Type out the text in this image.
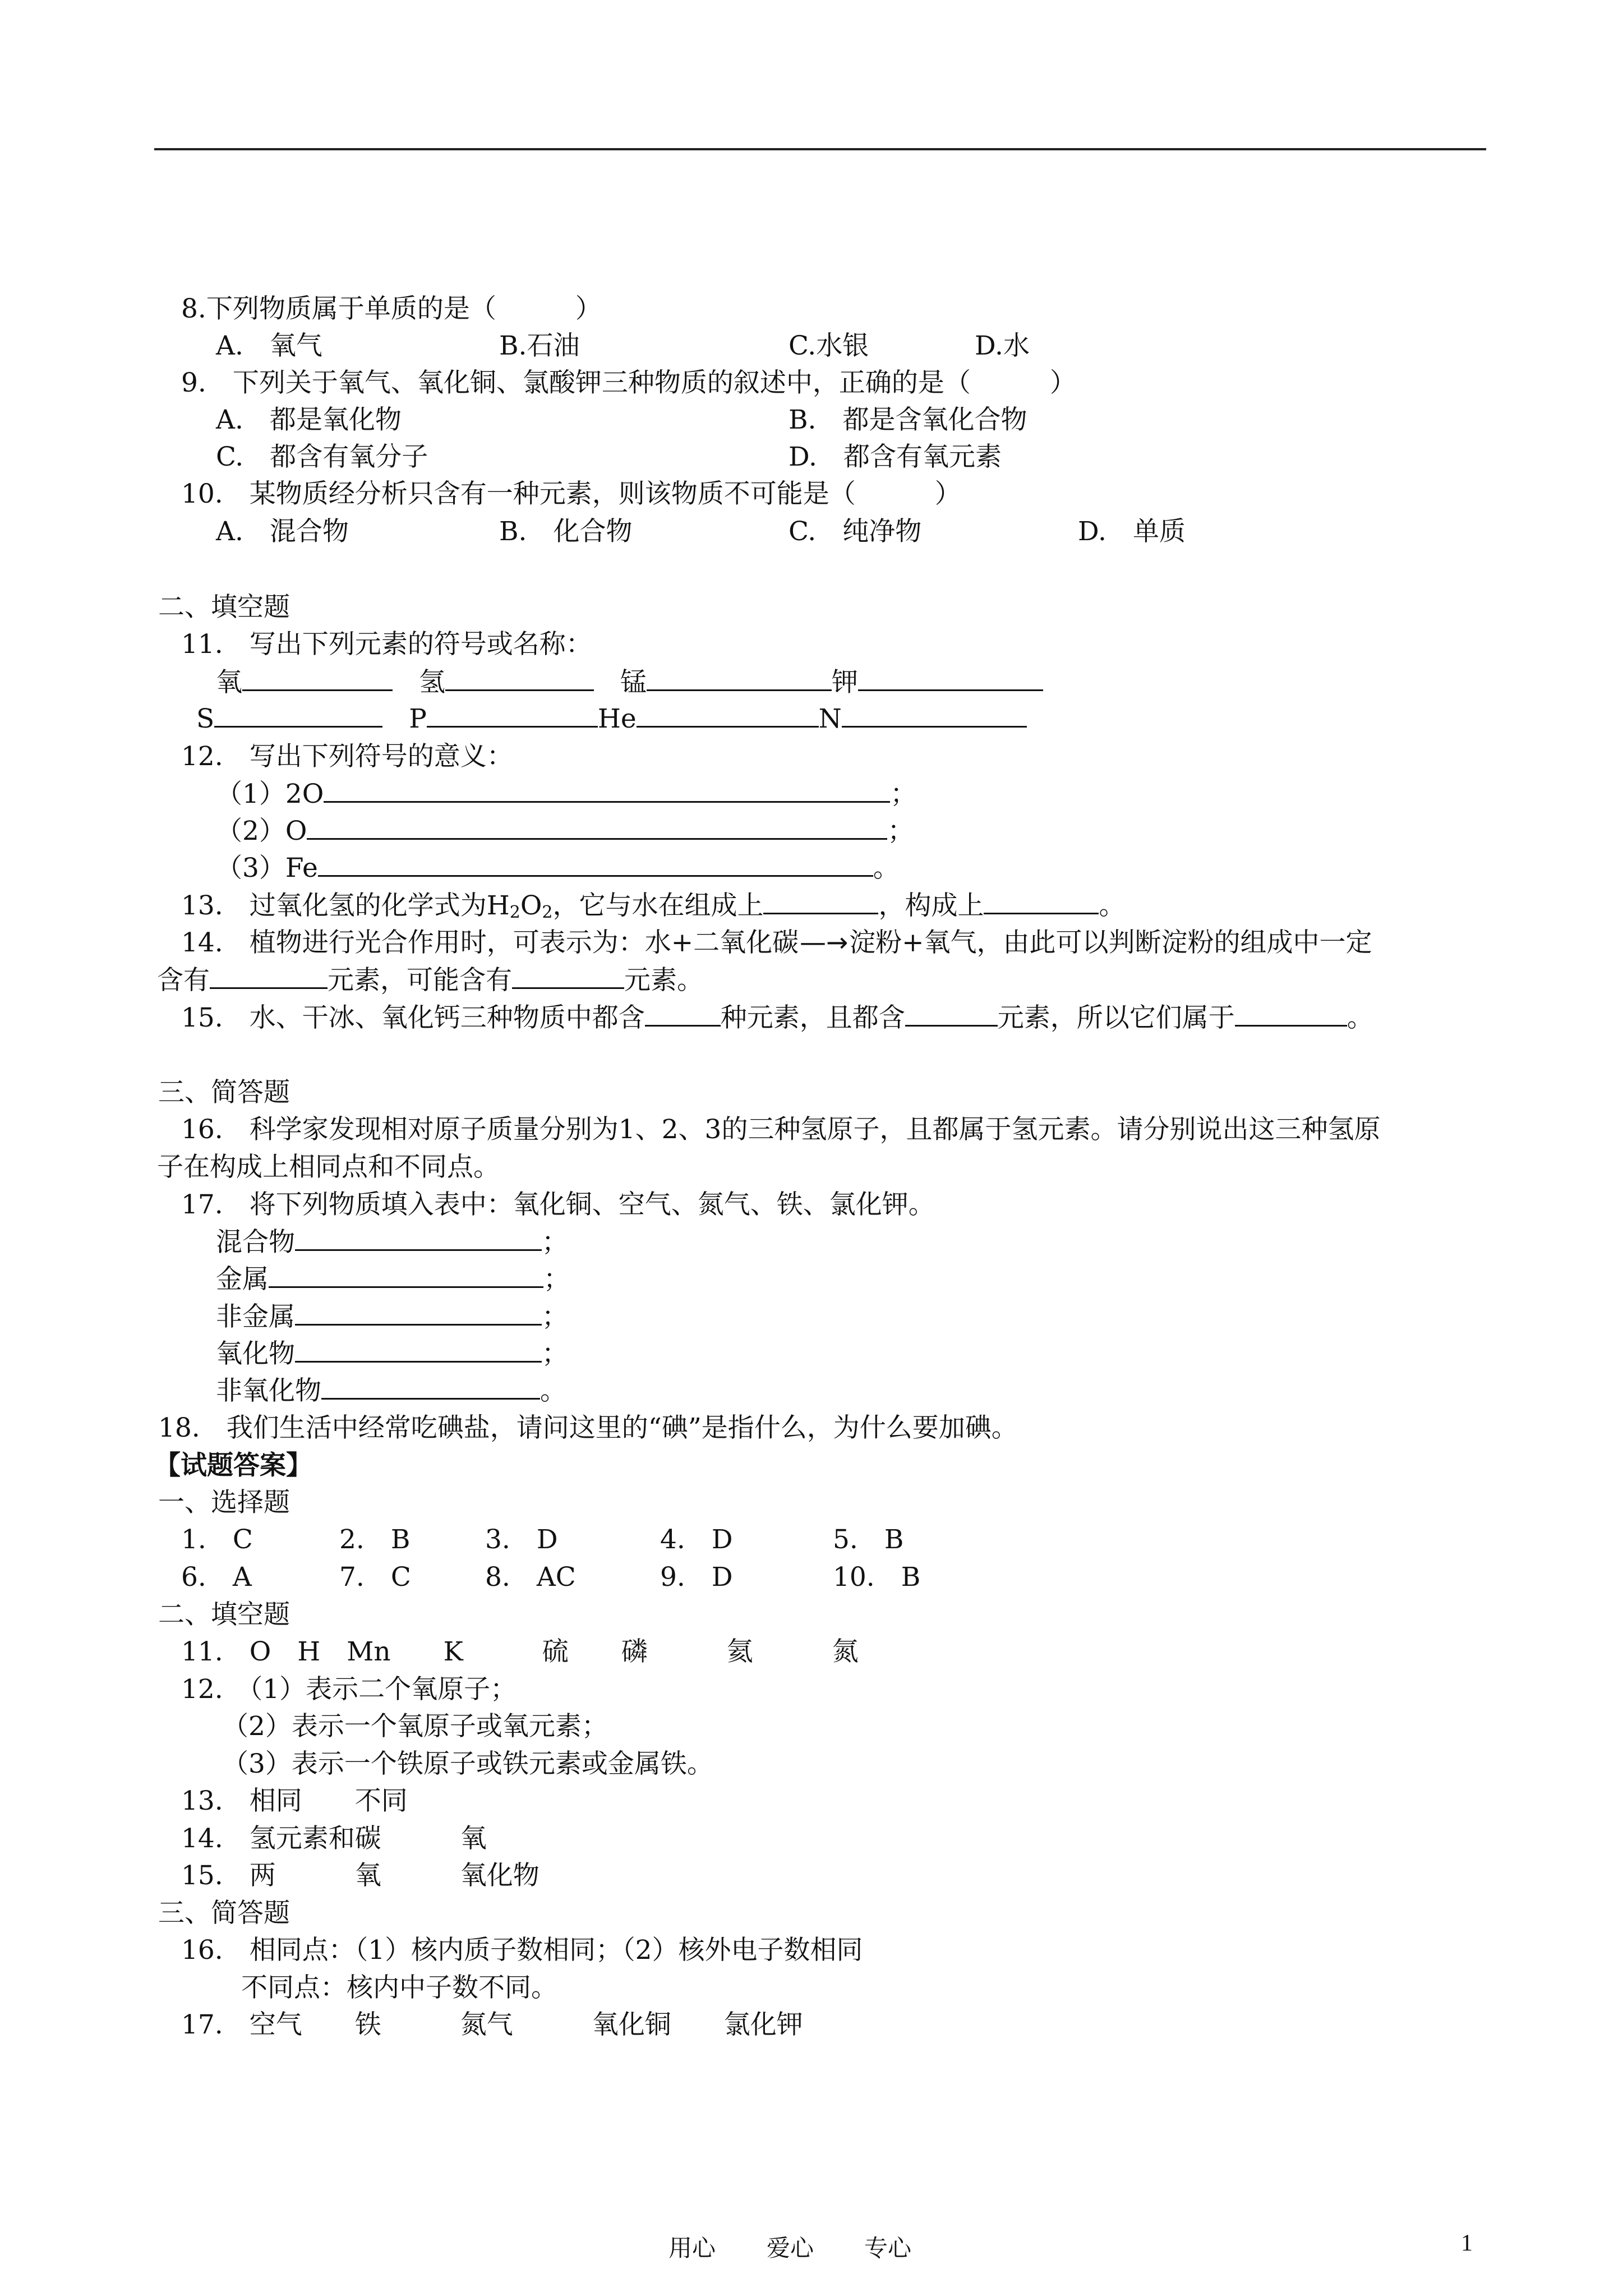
8.下列物质属于单质的是（　　　）
A.　氧气	B.石油	C.水银	D.水
9.　下列关于氧气、氧化铜、氯酸钾三种物质的叙述中，正确的是（　　　）
A.　都是氧化物	B.　都是含氧化合物
C.　都含有氧分子	D.　都含有氧元素
10.　某物质经分析只含有一种元素，则该物质不可能是（　　　）
A.　混合物	B.　化合物	C.　纯净物	D.　单质
二、填空题
11.　写出下列元素的符号或名称：
氧　	氢　	锰	钾
S　	P	He	N
12.　写出下列符号的意义：
（1）2O	；
（2）O	；
（3）Fe	。
13.　过氧化氢的化学式为$H_2O_2$，它与水在组成上	，构成上	。
14.　植物进行光合作用时，可表示为：水+二氧化碳—→淀粉+氧气，由此可以判断淀粉的组成中一定
含有	元素，可能含有	元素。
15.　水、干冰、氧化钙三种物质中都含	种元素，且都含	元素，所以它们属于	。
三、简答题
16.　科学家发现相对原子质量分别为1、2、3的三种氢原子，且都属于氢元素。请分别说出这三种氢原
子在构成上相同点和不同点。
17.　将下列物质填入表中：氧化铜、空气、氮气、铁、氯化钾。
混合物	；
金属	；
非金属	；
氧化物	；
非氧化物	。
18.　我们生活中经常吃碘盐，请问这里的“碘”是指什么，为什么要加碘。
【试题答案】
一、选择题
1.　C	2.　B	3.　D	4.　D	5.　B
6.　A	7.　C	8.　AC	9.　D	10.　B
二、填空题
11.　O　H　Mn　　K　　　硫　　磷　　　氦　　　氮
12.　（1）表示二个氧原子；
（2）表示一个氧原子或氧元素；
（3）表示一个铁原子或铁元素或金属铁。
13.　相同　　不同
14.　氢元素和碳　　　氧
15.　两　　　氧　　　氧化物
三、简答题
16.　相同点：（1）核内质子数相同；（2）核外电子数相同
不同点：核内中子数不同。
17.　空气　　铁　　　氮气　　　氧化铜　　氯化钾
用心 爱心 专心	1
